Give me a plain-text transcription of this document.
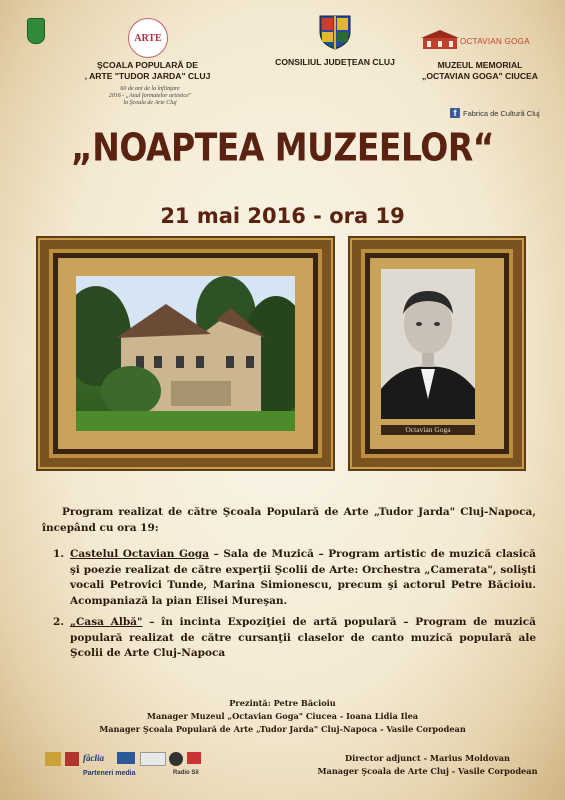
ARTE
ŞCOALA POPULARĂ DE
, ARTE "TUDOR JARDA" CLUJ
60 de ani de la înfiinţare
2016 - „Anul formatelor artistice"
la Şcoala de Arte Cluj
CONSILIUL JUDEŢEAN CLUJ
OCTAVIAN GOGA
MUZEUL MEMORIAL
„OCTAVIAN GOGA" CIUCEA
f Fabrica de Cultură Cluj
„NOAPTEA MUZEELOR“
21 mai 2016 - ora 19
Octavian Goga
Program realizat de către Şcoala Populară de Arte „Tudor Jarda" Cluj-Napoca, începând cu ora 19:
1. Castelul Octavian Goga – Sala de Muzică – Program artistic de muzică clasică şi poezie realizat de către experţii Şcolii de Arte: Orchestra „Camerata", solişti vocali Petrovici Tunde, Marina Simionescu, precum şi actorul Petre Băcioiu. Acompaniază la pian Elisei Mureşan.
2. „Casa Albă" – în incinta Expoziţiei de artă populară – Program de muzică populară realizat de către cursanţii claselor de canto muzică populară ale Şcolii de Arte Cluj-Napoca
Prezintă: Petre Băcioiu
Manager Muzeul „Octavian Goga" Ciucea - Ioana Lidia Ilea
Manager Şcoala Populară de Arte „Tudor Jarda" Cluj-Napoca - Vasile Corpodean
făclia
Parteneri media	Radio Sil
Director adjunct - Marius Moldovan
Manager Şcoala de Arte Cluj - Vasile Corpodean
